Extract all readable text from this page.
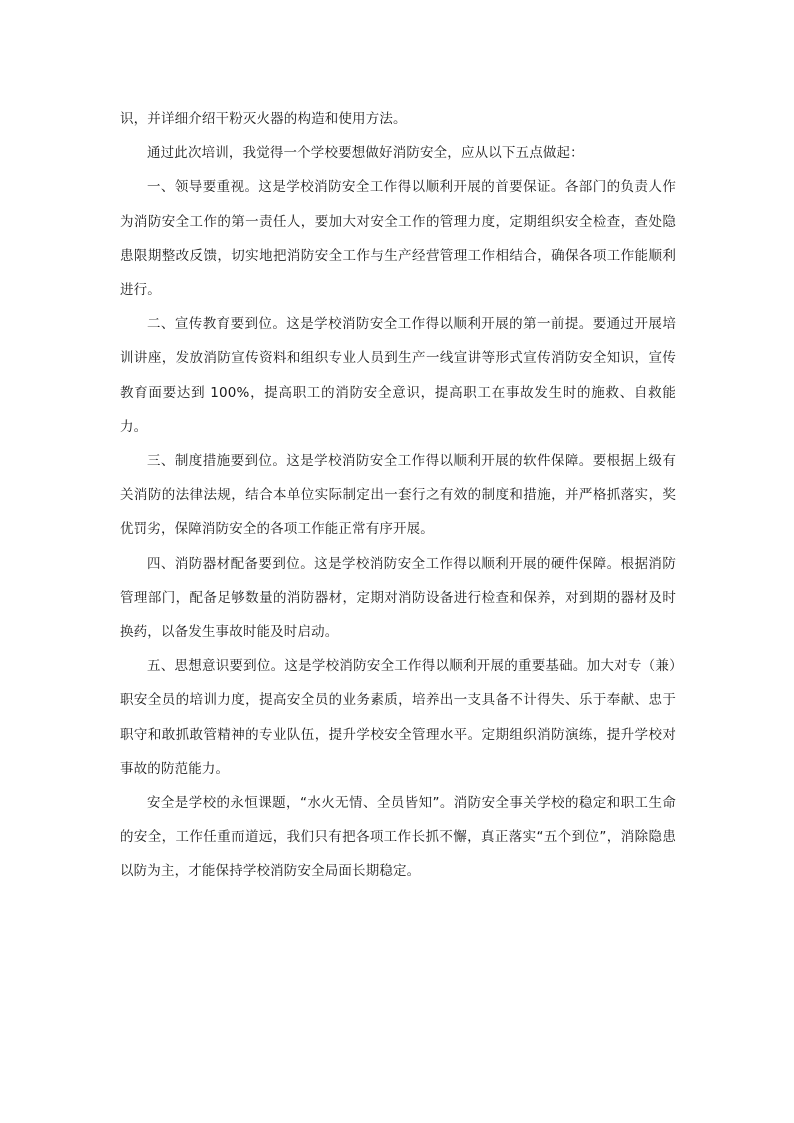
识，并详细介绍干粉灭火器的构造和使用方法。

通过此次培训，我觉得一个学校要想做好消防安全，应从以下五点做起：

一、领导要重视。这是学校消防安全工作得以顺利开展的首要保证。各部门的负责人作为消防安全工作的第一责任人，要加大对安全工作的管理力度，定期组织安全检查，查处隐患限期整改反馈，切实地把消防安全工作与生产经营管理工作相结合，确保各项工作能顺利进行。

二、宣传教育要到位。这是学校消防安全工作得以顺利开展的第一前提。要通过开展培训讲座，发放消防宣传资料和组织专业人员到生产一线宣讲等形式宣传消防安全知识，宣传教育面要达到 100%，提高职工的消防安全意识，提高职工在事故发生时的施救、自救能力。

三、制度措施要到位。这是学校消防安全工作得以顺利开展的软件保障。要根据上级有关消防的法律法规，结合本单位实际制定出一套行之有效的制度和措施，并严格抓落实，奖优罚劣，保障消防安全的各项工作能正常有序开展。

四、消防器材配备要到位。这是学校消防安全工作得以顺利开展的硬件保障。根据消防管理部门，配备足够数量的消防器材，定期对消防设备进行检查和保养，对到期的器材及时换药，以备发生事故时能及时启动。

五、思想意识要到位。这是学校消防安全工作得以顺利开展的重要基础。加大对专（兼）职安全员的培训力度，提高安全员的业务素质，培养出一支具备不计得失、乐于奉献、忠于职守和敢抓敢管精神的专业队伍，提升学校安全管理水平。定期组织消防演练，提升学校对事故的防范能力。

安全是学校的永恒课题，“水火无情、全员皆知”。消防安全事关学校的稳定和职工生命的安全，工作任重而道远，我们只有把各项工作长抓不懈，真正落实“五个到位”，消除隐患以防为主，才能保持学校消防安全局面长期稳定。
